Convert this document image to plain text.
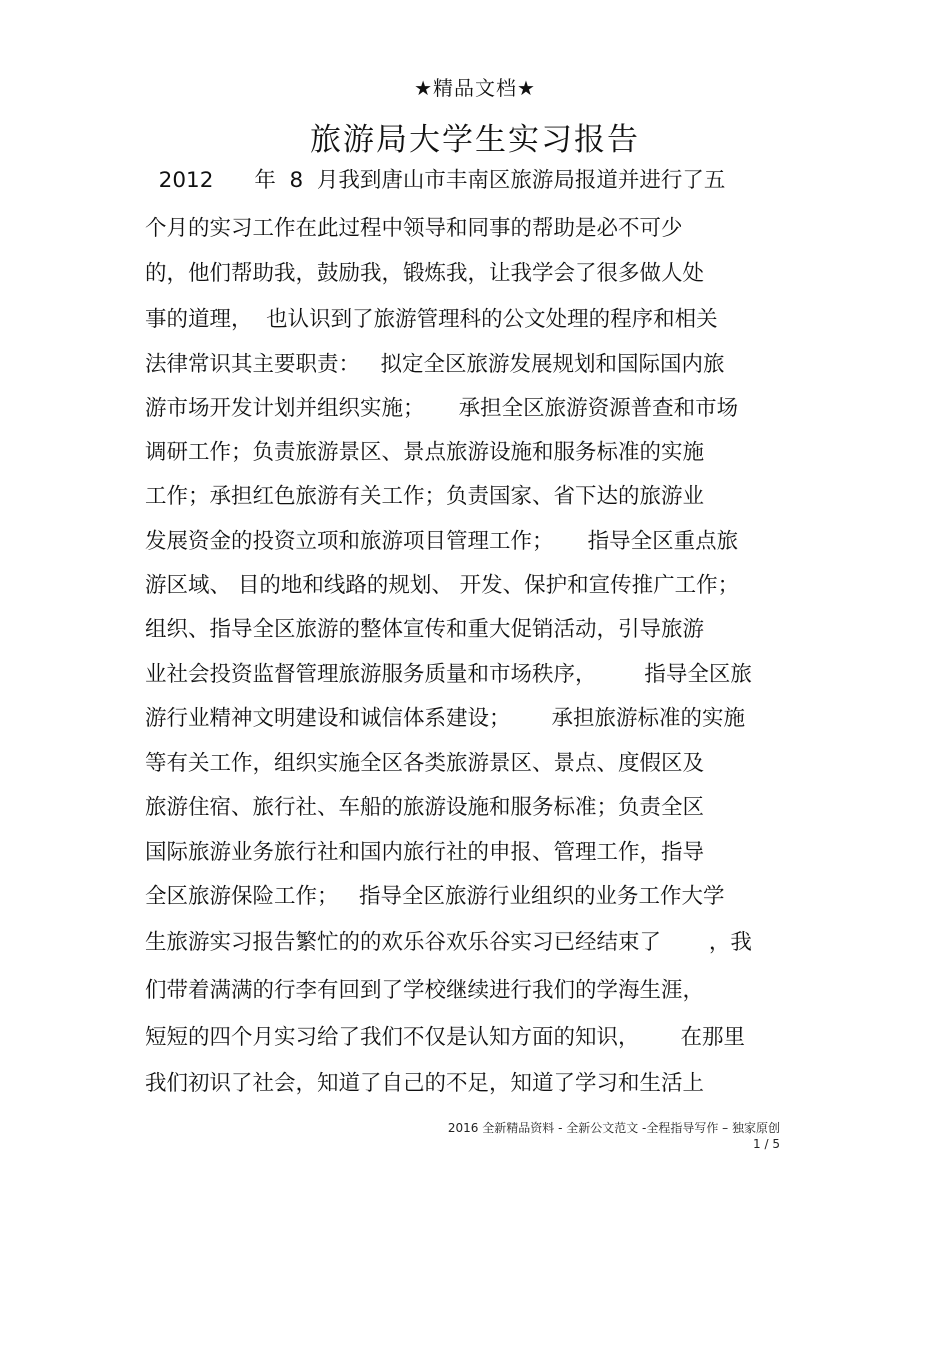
★精品文档★
旅游局大学生实习报告
2012      年  8  月我到唐山市丰南区旅游局报道并进行了五
个月的实习工作在此过程中领导和同事的帮助是必不可少
的，他们帮助我，鼓励我，锻炼我，让我学会了很多做人处
事的道理，  也认识到了旅游管理科的公文处理的程序和相关
法律常识其主要职责：   拟定全区旅游发展规划和国际国内旅
游市场开发计划并组织实施；     承担全区旅游资源普查和市场
调研工作；负责旅游景区、景点旅游设施和服务标准的实施
工作；承担红色旅游有关工作；负责国家、省下达的旅游业
发展资金的投资立项和旅游项目管理工作；     指导全区重点旅
游区域、 目的地和线路的规划、 开发、保护和宣传推广工作；
组织、指导全区旅游的整体宣传和重大促销活动，引导旅游
业社会投资监督管理旅游服务质量和市场秩序，       指导全区旅
游行业精神文明建设和诚信体系建设；      承担旅游标准的实施
等有关工作，组织实施全区各类旅游景区、景点、度假区及
旅游住宿、旅行社、车船的旅游设施和服务标准；负责全区
国际旅游业务旅行社和国内旅行社的申报、管理工作，指导
全区旅游保险工作；   指导全区旅游行业组织的业务工作大学
生旅游实习报告繁忙的的欢乐谷欢乐谷实习已经结束了       ，我
们带着满满的行李有回到了学校继续进行我们的学海生涯，
短短的四个月实习给了我们不仅是认知方面的知识，      在那里
我们初识了社会，知道了自己的不足，知道了学习和生活上
2016 全新精品资料 - 全新公文范文 -全程指导写作 – 独家原创
1 / 5
